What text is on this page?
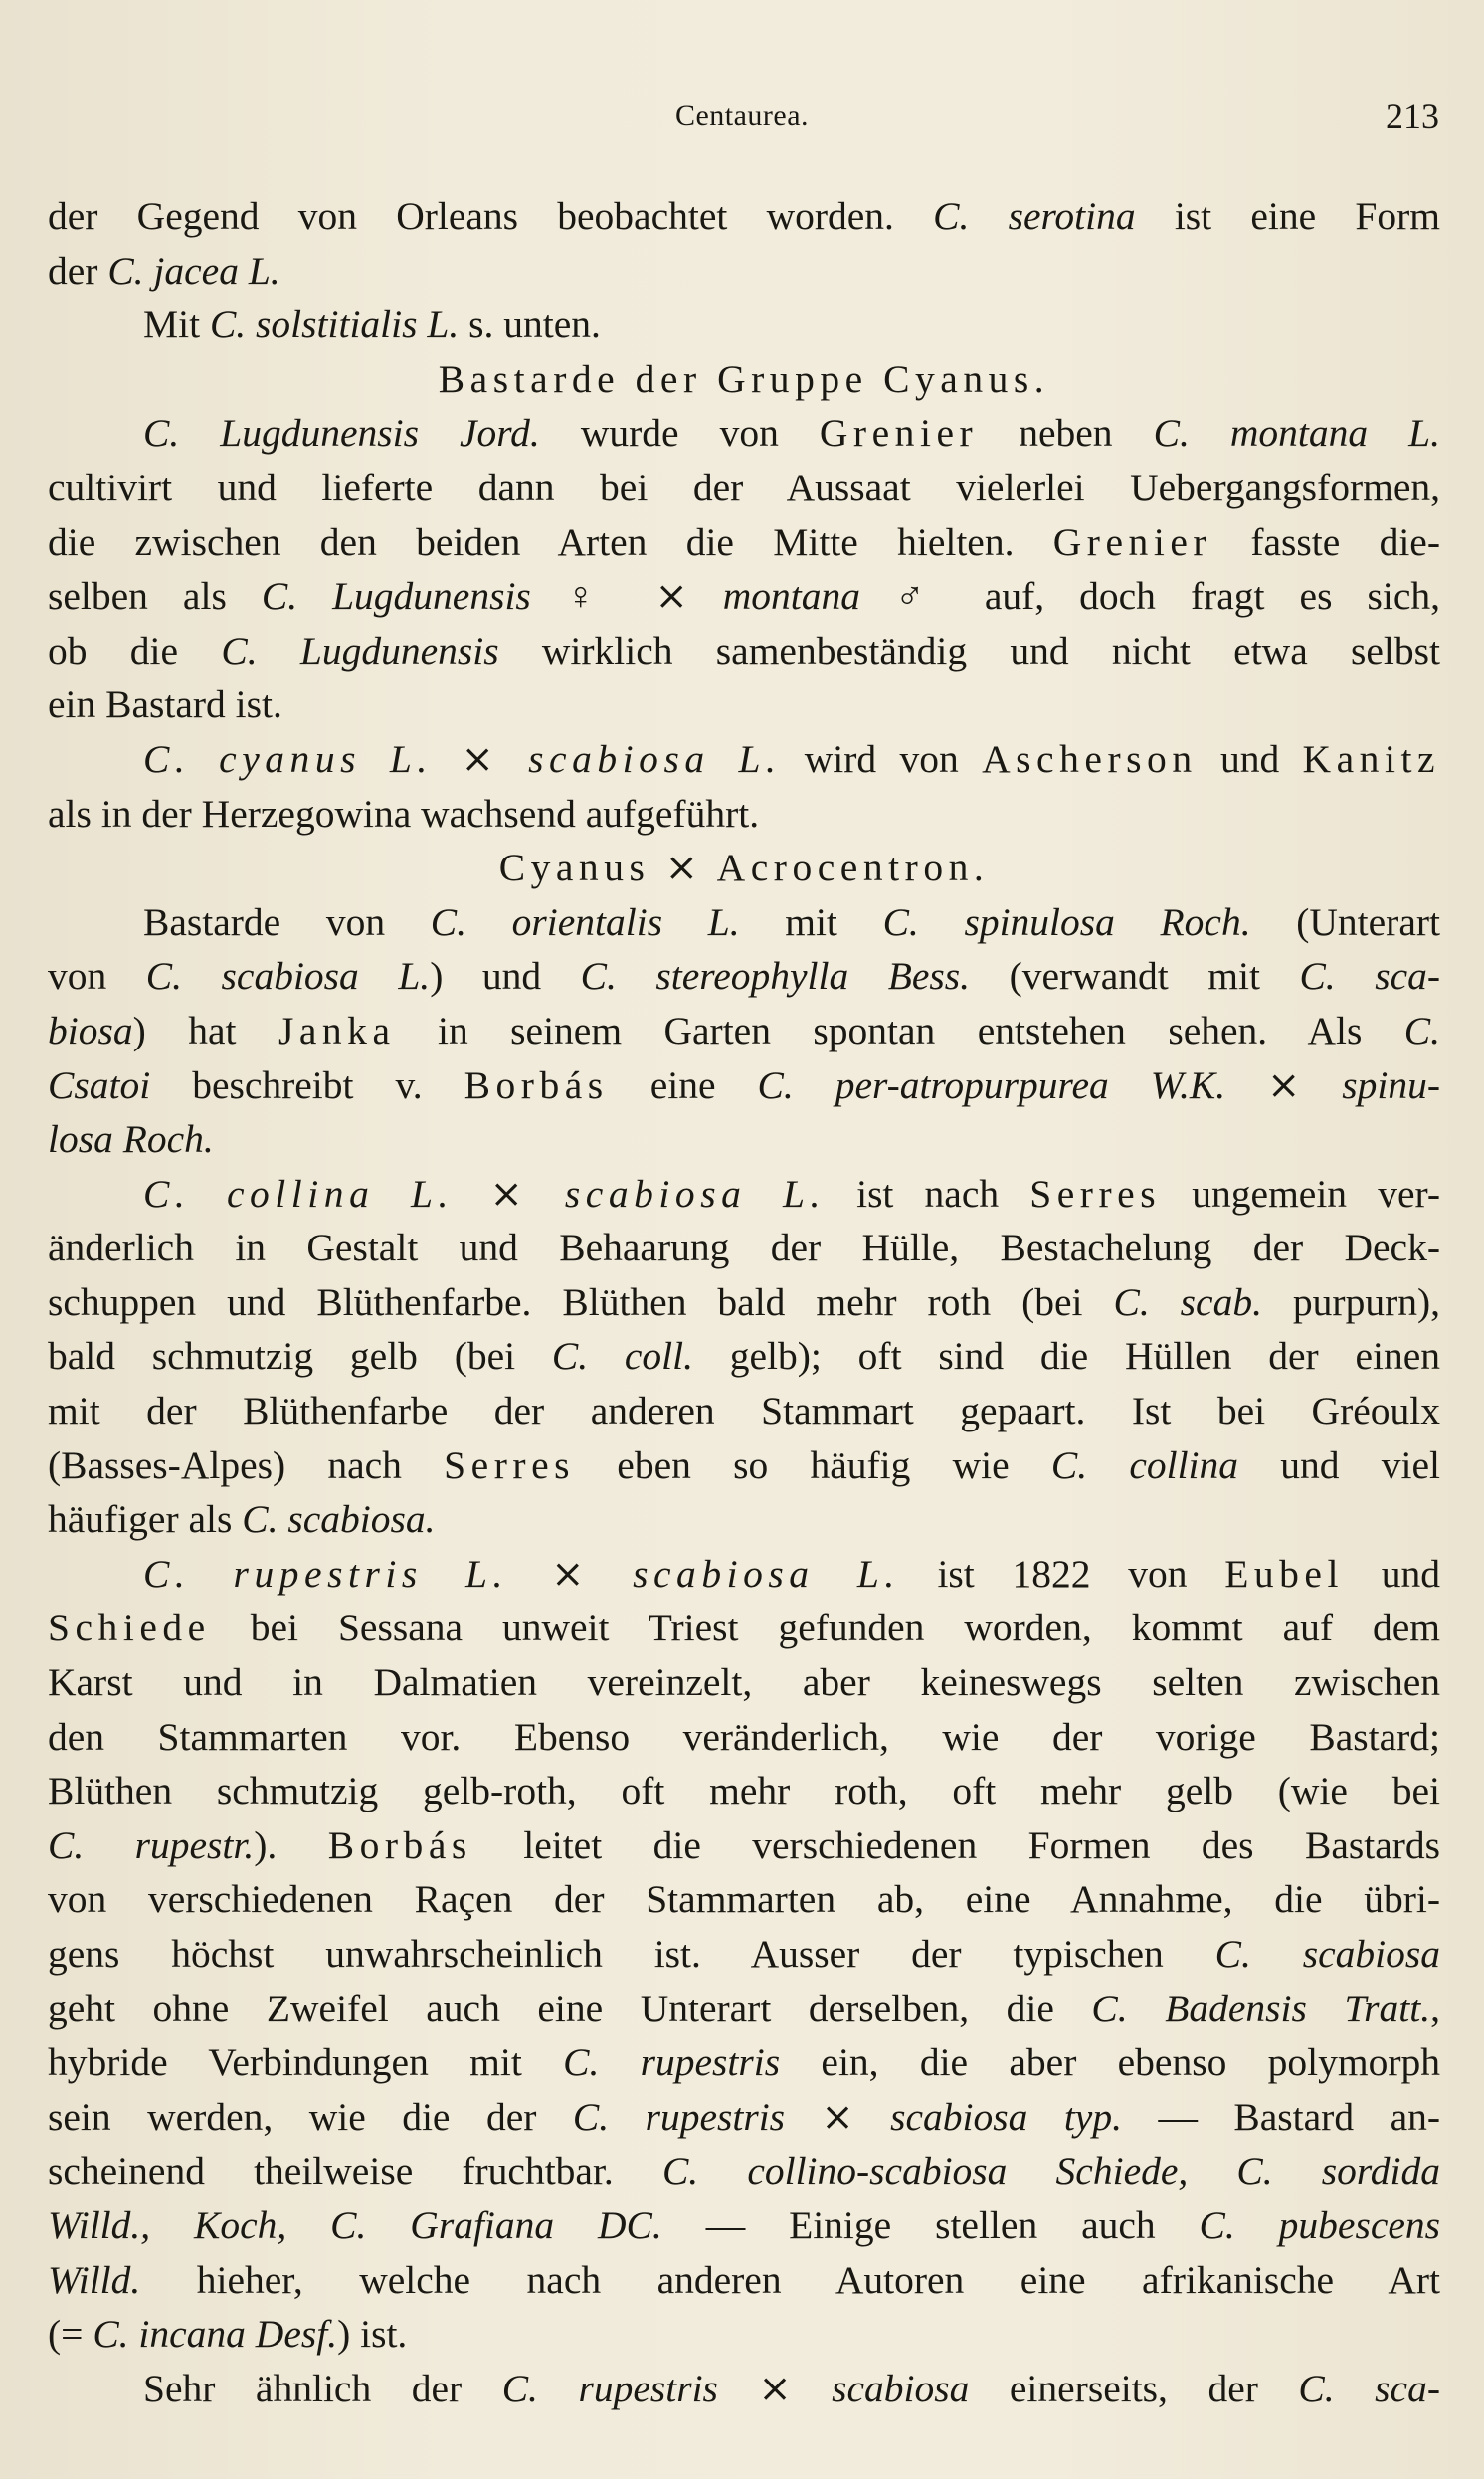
Centaurea.	213
der Gegend von Orleans beobachtet worden. C. serotina ist eine Form
der C. jacea L.
Mit C. solstitialis L. s. unten.
Bastarde der Gruppe Cyanus.
C. Lugdunensis Jord. wurde von Grenier neben C. montana L.
cultivirt und lieferte dann bei der Aussaat vielerlei Uebergangsformen,
die zwischen den beiden Arten die Mitte hielten. Grenier fasste die-
selben als C. Lugdunensis ♀ ⨯ montana ♂ auf, doch fragt es sich,
ob die C. Lugdunensis wirklich samenbeständig und nicht etwa selbst
ein Bastard ist.
C. cyanus L. ⨯ scabiosa L. wird von Ascherson und Kanitz
als in der Herzegowina wachsend aufgeführt.
Cyanus ⨯ Acrocentron.
Bastarde von C. orientalis L. mit C. spinulosa Roch. (Unterart
von C. scabiosa L.) und C. stereophylla Bess. (verwandt mit C. sca-
biosa) hat Janka in seinem Garten spontan entstehen sehen. Als C.
Csatoi beschreibt v. Borbás eine C. per-atropurpurea W.K. ⨯ spinu-
losa Roch.
C. collina L. ⨯ scabiosa L. ist nach Serres ungemein ver-
änderlich in Gestalt und Behaarung der Hülle, Bestachelung der Deck-
schuppen und Blüthenfarbe. Blüthen bald mehr roth (bei C. scab. purpurn),
bald schmutzig gelb (bei C. coll. gelb); oft sind die Hüllen der einen
mit der Blüthenfarbe der anderen Stammart gepaart. Ist bei Gréoulx
(Basses-Alpes) nach Serres eben so häufig wie C. collina und viel
häufiger als C. scabiosa.
C. rupestris L. ⨯ scabiosa L. ist 1822 von Eubel und
Schiede bei Sessana unweit Triest gefunden worden, kommt auf dem
Karst und in Dalmatien vereinzelt, aber keineswegs selten zwischen
den Stammarten vor. Ebenso veränderlich, wie der vorige Bastard;
Blüthen schmutzig gelb-roth, oft mehr roth, oft mehr gelb (wie bei
C. rupestr.). Borbás leitet die verschiedenen Formen des Bastards
von verschiedenen Raçen der Stammarten ab, eine Annahme, die übri-
gens höchst unwahrscheinlich ist. Ausser der typischen C. scabiosa
geht ohne Zweifel auch eine Unterart derselben, die C. Badensis Tratt.,
hybride Verbindungen mit C. rupestris ein, die aber ebenso polymorph
sein werden, wie die der C. rupestris ⨯ scabiosa typ. — Bastard an-
scheinend theilweise fruchtbar. C. collino-scabiosa Schiede, C. sordida
Willd., Koch, C. Grafiana DC. — Einige stellen auch C. pubescens
Willd. hieher, welche nach anderen Autoren eine afrikanische Art
(= C. incana Desf.) ist.
Sehr ähnlich der C. rupestris ⨯ scabiosa einerseits, der C. sca-
